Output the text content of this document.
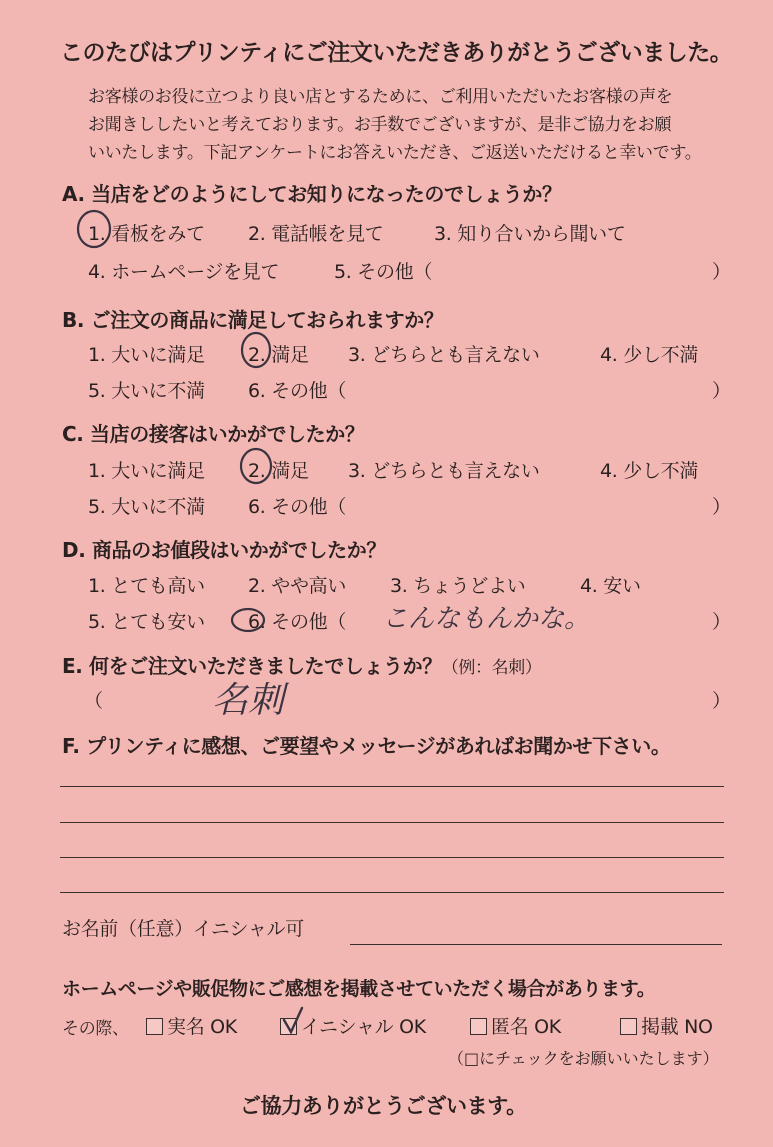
このたびはプリンティにご注文いただきありがとうございました。
お客様のお役に立つより良い店とするために、ご利用いただいたお客様の声を
お聞きししたいと考えております。お手数でございますが、是非ご協力をお願
いいたします。下記アンケートにお答えいただき、ご返送いただけると幸いです。
A. 当店をどのようにしてお知りになったのでしょうか？
1. 看板をみて 2. 電話帳を見て	3. 知り合いから聞いて
4. ホームページを見て	5. その他（	）
B. ご注文の商品に満足しておられますか？
1. 大いに満足 2. 満足 3. どちらとも言えない	4. 少し不満
5. 大いに不満 6. その他（	）
C. 当店の接客はいかがでしたか？
1. 大いに満足 2. 満足 3. どちらとも言えない	4. 少し不満
5. 大いに不満 6. その他（	）
D. 商品のお値段はいかがでしたか？
1. とても高い 2. やや高い 3. ちょうどよい	4. 安い
5. とても安い 6. その他（ こんなもんかな。	）
E. 何をご注文いただきましたでしょうか？（例：名刺）
（	名刺	）
F. プリンティに感想、ご要望やメッセージがあればお聞かせ下さい。
お名前（任意）イニシャル可
ホームページや販促物にご感想を掲載させていただく場合があります。
その際、	実名 OK	イニシャル OK	匿名 OK	掲載 NO
（□にチェックをお願いいたします）
ご協力ありがとうございます。
